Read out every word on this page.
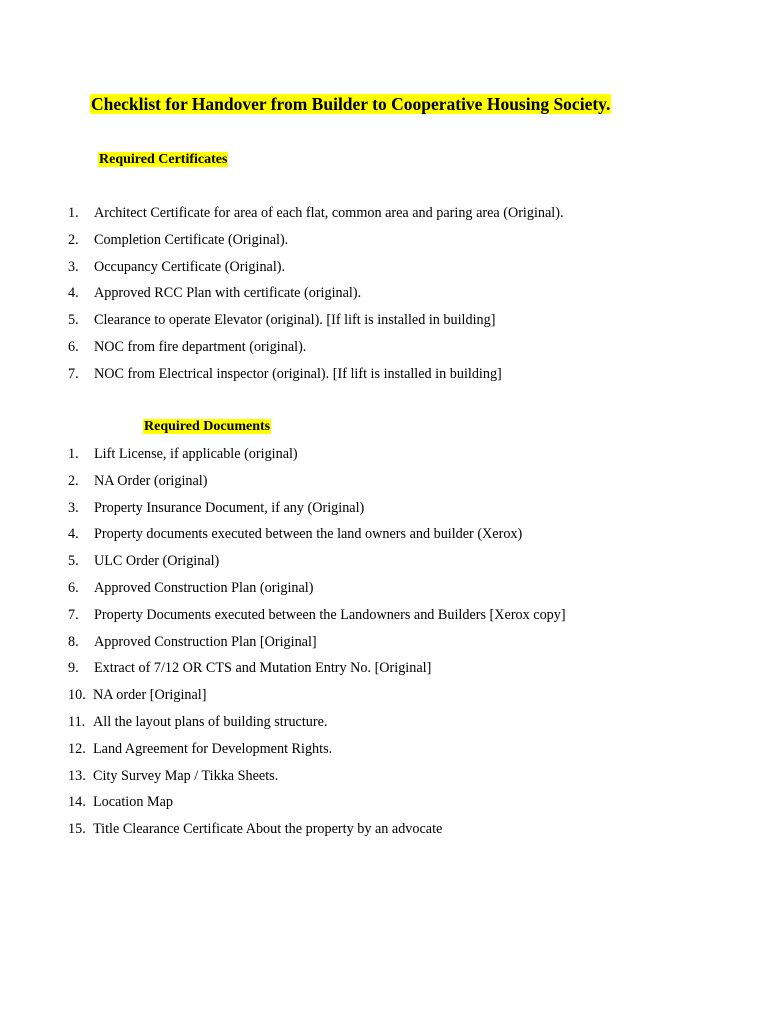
Checklist for Handover from Builder to Cooperative Housing Society.
Required Certificates
1. Architect Certificate for area of each flat, common area and paring area (Original).
2. Completion Certificate (Original).
3. Occupancy Certificate (Original).
4. Approved RCC Plan with certificate (original).
5. Clearance to operate Elevator (original). [If lift is installed in building]
6. NOC from fire department (original).
7. NOC from Electrical inspector (original). [If lift is installed in building]
Required Documents
1. Lift License, if applicable (original)
2. NA Order (original)
3. Property Insurance Document, if any (Original)
4. Property documents executed between the land owners and builder (Xerox)
5. ULC Order (Original)
6. Approved Construction Plan (original)
7. Property Documents executed between the Landowners and Builders [Xerox copy]
8. Approved Construction Plan [Original]
9. Extract of 7/12 OR CTS and Mutation Entry No. [Original]
10. NA order [Original]
11. All the layout plans of building structure.
12. Land Agreement for Development Rights.
13. City Survey Map / Tikka Sheets.
14. Location Map
15. Title Clearance Certificate About the property by an advocate
